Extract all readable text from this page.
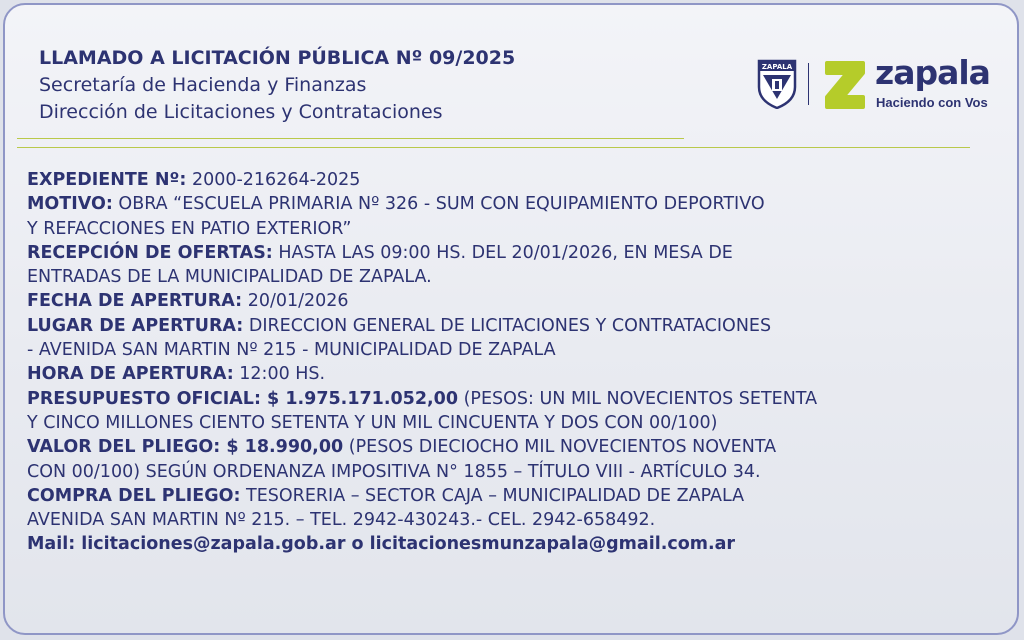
LLAMADO A LICITACIÓN PÚBLICA Nº 09/2025
Secretaría de Hacienda y Finanzas
Dirección de Licitaciones y Contrataciones
ZAPALA	zapala
Haciendo con Vos
EXPEDIENTE Nº: 2000-216264-2025
MOTIVO: OBRA “ESCUELA PRIMARIA Nº 326 - SUM CON EQUIPAMIENTO DEPORTIVO
Y REFACCIONES EN PATIO EXTERIOR”
RECEPCIÓN DE OFERTAS: HASTA LAS 09:00 HS. DEL 20/01/2026, EN MESA DE
ENTRADAS DE LA MUNICIPALIDAD DE ZAPALA.
FECHA DE APERTURA: 20/01/2026
LUGAR DE APERTURA: DIRECCION GENERAL DE LICITACIONES Y CONTRATACIONES
- AVENIDA SAN MARTIN Nº 215 - MUNICIPALIDAD DE ZAPALA
HORA DE APERTURA: 12:00 HS.
PRESUPUESTO OFICIAL: $ 1.975.171.052,00 (PESOS: UN MIL NOVECIENTOS SETENTA
Y CINCO MILLONES CIENTO SETENTA Y UN MIL CINCUENTA Y DOS CON 00/100)
VALOR DEL PLIEGO: $ 18.990,00 (PESOS DIECIOCHO MIL NOVECIENTOS NOVENTA
CON 00/100) SEGÚN ORDENANZA IMPOSITIVA N° 1855 – TÍTULO VIII - ARTÍCULO 34.
COMPRA DEL PLIEGO: TESORERIA – SECTOR CAJA – MUNICIPALIDAD DE ZAPALA
AVENIDA SAN MARTIN Nº 215. – TEL. 2942-430243.- CEL. 2942-658492.
Mail: licitaciones@zapala.gob.ar o licitacionesmunzapala@gmail.com.ar
